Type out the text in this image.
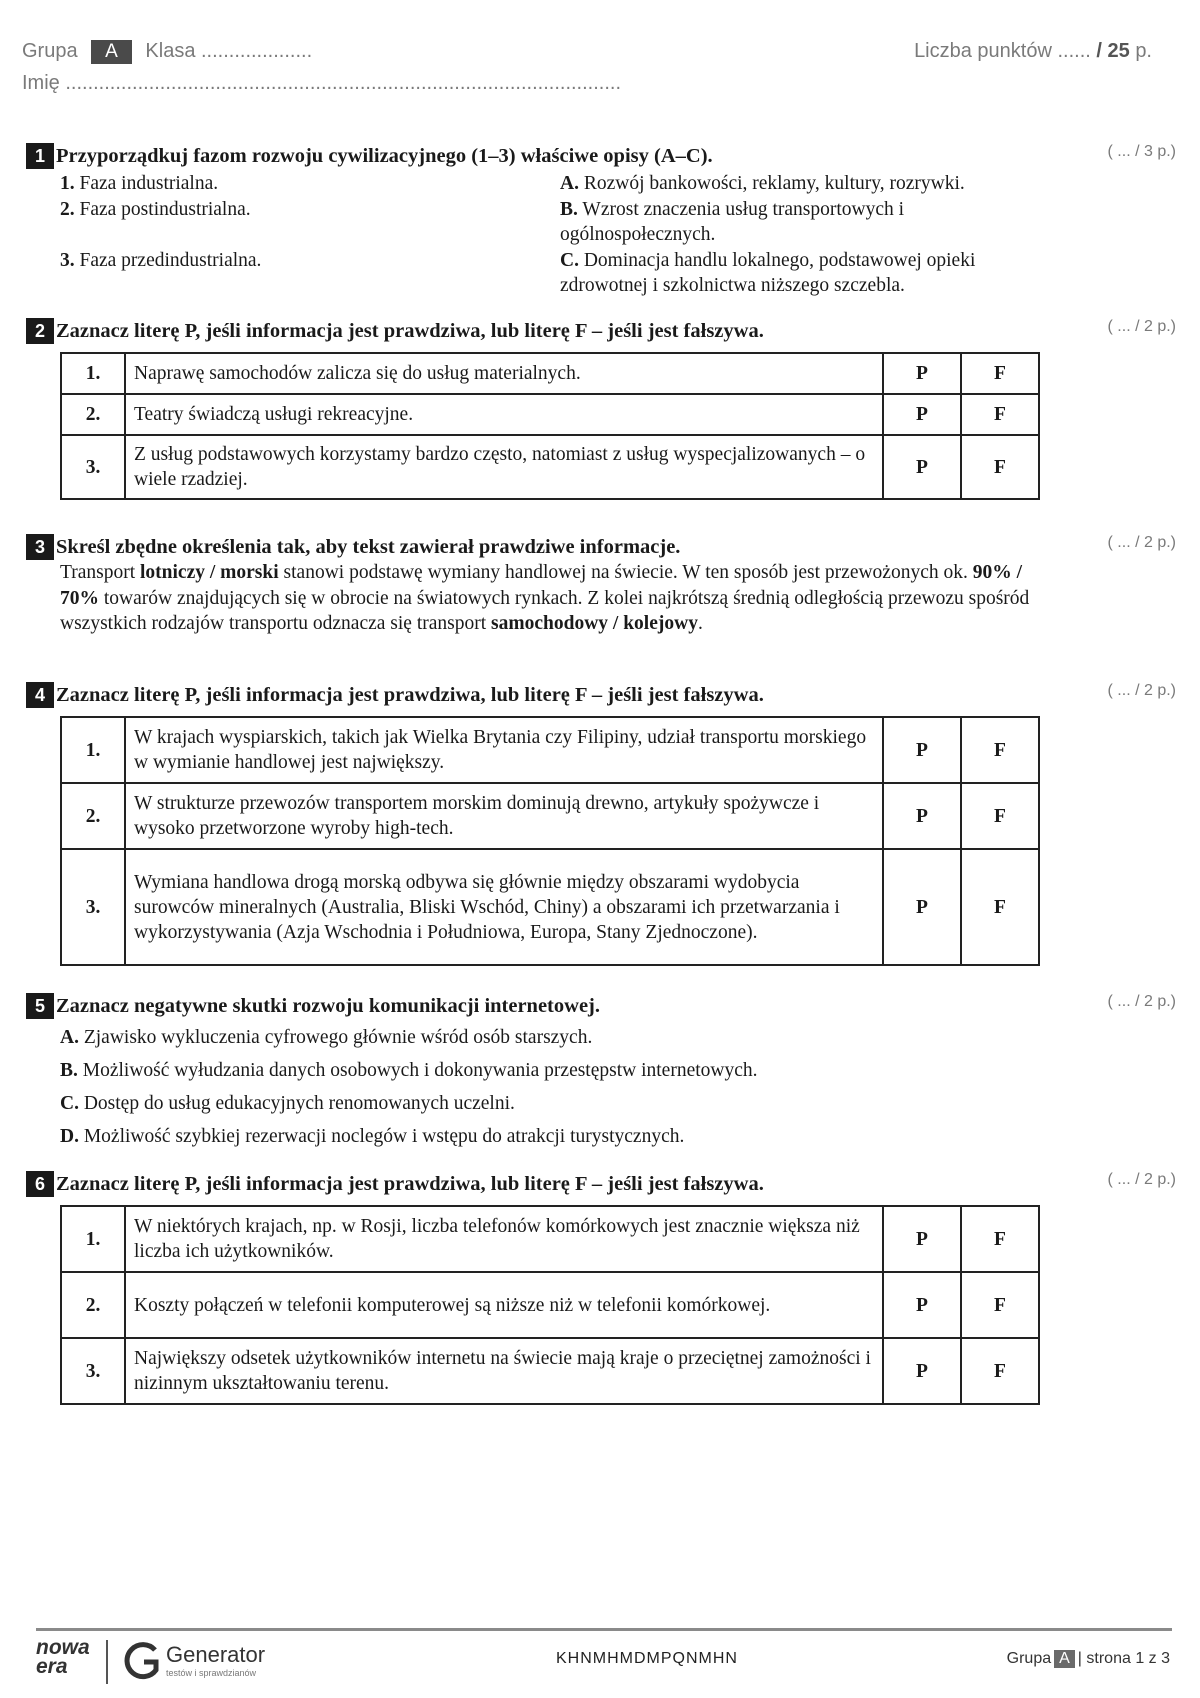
Grupa A Klasa ....................
Imię ....................................................................................................
Liczba punktów ...... / 25 p.
1 Przyporządkuj fazom rozwoju cywilizacyjnego (1–3) właściwe opisy (A–C).	( ... / 3 p.)
1. Faza industrialna.	A. Rozwój bankowości, reklamy, kultury, rozrywki.
2. Faza postindustrialna.	B. Wzrost znaczenia usług transportowych i ogólnospołecznych.
3. Faza przedindustrialna.	C. Dominacja handlu lokalnego, podstawowej opieki zdrowotnej i szkolnictwa niższego szczebla.
2 Zaznacz literę P, jeśli informacja jest prawdziwa, lub literę F – jeśli jest fałszywa.	( ... / 2 p.)
1.	Naprawę samochodów zalicza się do usług materialnych.	P	F
2.	Teatry świadczą usługi rekreacyjne.	P	F
3.	Z usług podstawowych korzystamy bardzo często, natomiast z usług wyspecjalizowanych – o wiele rzadziej.	P	F
3 Skreśl zbędne określenia tak, aby tekst zawierał prawdziwe informacje.	( ... / 2 p.)
Transport lotniczy / morski stanowi podstawę wymiany handlowej na świecie. W ten sposób jest przewożonych ok. 90% / 70% towarów znajdujących się w obrocie na światowych rynkach. Z kolei najkrótszą średnią odległością przewozu spośród wszystkich rodzajów transportu odznacza się transport samochodowy / kolejowy.
4 Zaznacz literę P, jeśli informacja jest prawdziwa, lub literę F – jeśli jest fałszywa.	( ... / 2 p.)
1.	W krajach wyspiarskich, takich jak Wielka Brytania czy Filipiny, udział transportu morskiego w wymianie handlowej jest największy.	P	F
2.	W strukturze przewozów transportem morskim dominują drewno, artykuły spożywcze i wysoko przetworzone wyroby high-tech.	P	F
3.	Wymiana handlowa drogą morską odbywa się głównie między obszarami wydobycia surowców mineralnych (Australia, Bliski Wschód, Chiny) a obszarami ich przetwarzania i wykorzystywania (Azja Wschodnia i Południowa, Europa, Stany Zjednoczone).	P	F
5 Zaznacz negatywne skutki rozwoju komunikacji internetowej.	( ... / 2 p.)
A. Zjawisko wykluczenia cyfrowego głównie wśród osób starszych.
B. Możliwość wyłudzania danych osobowych i dokonywania przestępstw internetowych.
C. Dostęp do usług edukacyjnych renomowanych uczelni.
D. Możliwość szybkiej rezerwacji noclegów i wstępu do atrakcji turystycznych.
6 Zaznacz literę P, jeśli informacja jest prawdziwa, lub literę F – jeśli jest fałszywa.	( ... / 2 p.)
1.	W niektórych krajach, np. w Rosji, liczba telefonów komórkowych jest znacznie większa niż liczba ich użytkowników.	P	F
2.	Koszty połączeń w telefonii komputerowej są niższe niż w telefonii komórkowej.	P	F
3.	Największy odsetek użytkowników internetu na świecie mają kraje o przeciętnej zamożności i nizinnym ukształtowaniu terenu.	P	F
nowa
era	Generator
testów i sprawdzianów
KHNMHMDMPQNMHN	Grupa A | strona 1 z 3
